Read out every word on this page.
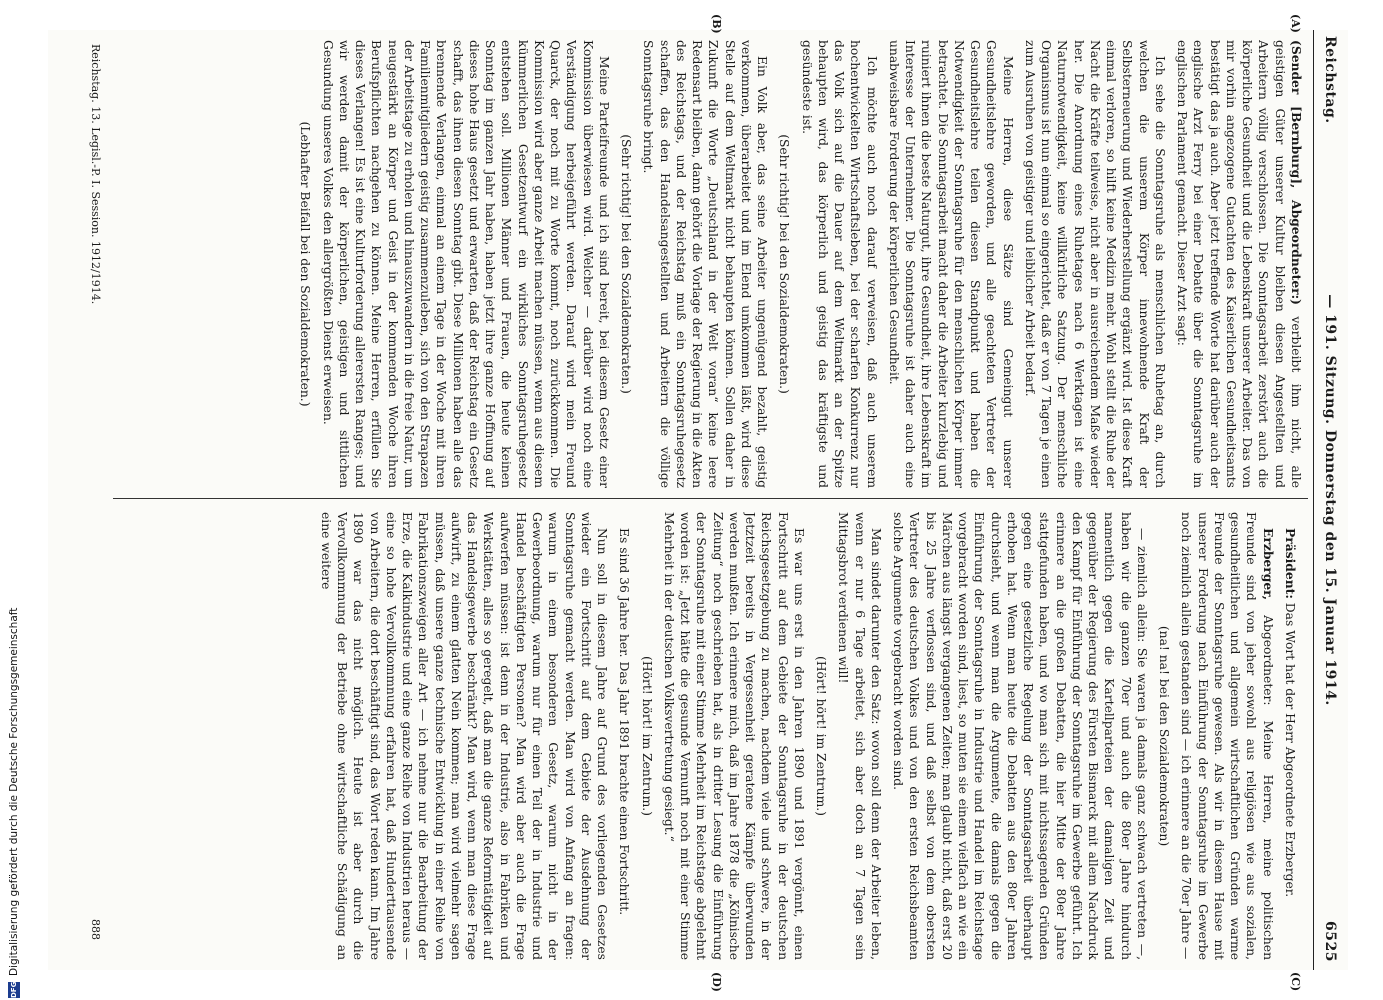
Reichstag.
— 191. Sitzung. Donnerstag den 15. Januar 1914.
6525
(A)
(B)
(C)
(D)

(Sender [Bernburg], Abgeordneter:) verbleibt ihm nicht, alle geistigen Güter unserer Kultur bleiben diesen Angestellten und Arbeitern völlig verschlossen. Die Sonntagsarbeit zerstört auch die körperliche Gesundheit und die Lebenskraft unserer Arbeiter. Das von mir vorhin angezogene Gutachten des Kaiserlichen Gesundheitsamts bestätigt das ja auch. Aber jetzt treffende Worte hat darüber auch der englische Arzt Ferry bei einer Debatte über die Sonntagsruhe im englischen Parlament gemacht. Dieser Arzt sagt:

Ich sehe die Sonntagsruhe als menschlichen Ruhetag an, durch welchen die unserem Körper innewohnende Kraft der Selbsterneuerung und Wiederherstellung ergänzt wird. Ist diese Kraft einmal verloren, so hilft keine Medizin mehr. Wohl stellt die Ruhe der Nacht die Kräfte teilweise, nicht aber in ausreichendem Maße wieder her. Die Anordnung eines Ruhetages nach 6 Werktagen ist eine Naturnotwendigkeit, keine willkürliche Satzung. Der menschliche Organismus ist nun einmal so eingerichtet, daß er von 7 Tagen je einen zum Ausruhen von geistiger und leiblicher Arbeit bedarf.

Meine Herren, diese Sätze sind Gemeingut unserer Gesundheitslehre geworden, und alle geachteten Vertreter der Gesundheitslehre teilen diesen Standpunkt und haben die Notwendigkeit der Sonntagsruhe für den menschlichen Körper immer betrachtet. Die Sonntagsarbeit macht daher die Arbeiter kurzlebig und ruiniert ihnen die beste Naturgut, ihre Gesundheit, ihre Lebenskraft im Interesse der Unternehmer. Die Sonntagsruhe ist daher auch eine unabweisbare Forderung der körperlichen Gesundheit.

Ich möchte auch noch darauf verweisen, daß auch unserem hochentwickelten Wirtschaftsleben, bei der scharfen Konkurrenz nur das Volk sich auf die Dauer auf dem Weltmarkt an der Spitze behaupten wird, das körperlich und geistig das kräftigste und gesündeste ist.

(Sehr richtig! bei den Sozialdemokraten.)

Ein Volk aber, das seine Arbeiter ungenügend bezahlt, geistig verkommen, überarbeitet und im Elend umkommen läßt, wird diese Stelle auf dem Weltmarkt nicht behaupten können. Sollen daher in Zukunft die Worte „Deutschland in der Welt voran“ keine leere Redensart bleiben, dann gehört die Vorlage der Regierung in die Akten des Reichstags, und der Reichstag muß ein Sonntagsruhegesetz schaffen, das den Handelsangestellten und Arbeitern die völlige Sonntagsruhe bringt.

(Sehr richtig! bei den Sozialdemokraten.)

Meine Parteifreunde und ich sind bereit, bei diesem Gesetz einer Kommission überwiesen wird. Welcher — darüber wird noch eine Verständigung herbeigeführt werden. Darauf wird mein Freund Quarck, der noch mit zu Worte kommt, noch zurückkommen. Die Kommission wird aber ganze Arbeit machen müssen, wenn aus diesem kümmerlichen Gesetzentwurf ein wirkliches Sonntagsruhegesetz entstehen soll. Millionen Männer und Frauen, die heute keinen Sonntag im ganzen Jahr haben, haben jetzt ihre ganze Hoffnung auf dieses hohe Haus gesetzt und erwarten, daß der Reichstag ein Gesetz schafft, das ihnen diesen Sonntag gibt. Diese Millionen haben alle das brennende Verlangen, einmal an einem Tage in der Woche mit ihren Familienmitgliedern geistig zusammenzuleben, sich von den Strapazen der Arbeitstage zu erholen und hinauszuwandern in die freie Natur, um neugestärkt an Körper und Geist in der kommenden Woche ihren Berufspflichten nachgehen zu können. Meine Herren, erfüllen Sie dieses Verlangen! Es ist eine Kulturforderung allerersten Ranges; und wir werden damit der körperlichen, geistigen und sittlichen Gesundung unseres Volkes den allergrößten Dienst erweisen.

(Lebhafter Beifall bei den Sozialdemokraten.)

Präsident: Das Wort hat der Herr Abgeordnete Erzberger.

Erzberger, Abgeordneter: Meine Herren, meine politischen Freunde sind von jeher sowohl aus religiösen wie aus sozialen, gesundheitlichen und allgemein wirtschaftlichen Gründen warme Freunde der Sonntagsruhe gewesen. Als wir in diesem Hause mit unserer Forderung nach Einführung der Sonntagsruhe im Gewerbe noch ziemlich allein gestanden sind — ich erinnere an die 70er Jahre —

(na! na! bei den Sozialdemokraten)

— ziemlich allein: Sie waren ja damals ganz schwach vertreten —, haben wir die ganzen 70er und auch die 80er Jahre hindurch namentlich gegen die Kartellparteien der damaligen Zeit und gegenüber der Regierung des Fürsten Bismarck mit allem Nachdruck den Kampf für Einführung der Sonntagsruhe im Gewerbe geführt. Ich erinnere an die großen Debatten, die hier Mitte der 80er Jahre stattgefunden haben, und wo man sich mit nichtssagenden Gründen gegen eine gesetzliche Regelung der Sonntagsarbeit überhaupt erhoben hat. Wenn man heute die Debatten aus den 80er Jahren durchsieht, und wenn man die Argumente, die damals gegen die Einführung der Sonntagsruhe in Industrie und Handel im Reichstage vorgebracht worden sind, liest, so muten sie einem vielfach an wie ein Märchen aus längst vergangenen Zeiten; man glaubt nicht, daß erst 20 bis 25 Jahre verflossen sind, und daß selbst von dem obersten Vertreter des deutschen Volkes und von den ersten Reichsbeamten solche Argumente vorgebracht worden sind.

Man sindet darunter den Satz: wovon soll denn der Arbeiter leben, wenn er nur 6 Tage arbeitet, sich aber doch an 7 Tagen sein Mittagsbrot verdienen will!

(Hört! hört! im Zentrum.)

Es war uns erst in den Jahren 1890 und 1891 vergönnt, einen Fortschritt auf dem Gebiete der Sonntagsruhe in der deutschen Reichsgesetzgebung zu machen, nachdem viele und schwere, in der Jetztzeit bereits in Vergessenheit geratene Kämpfe überwunden werden mußten. Ich erinnere mich, daß im Jahre 1878 die „Kölnische Zeitung“ noch geschrieben hat, als in dritter Lesung die Einführung der Sonntagsruhe mit einer Stimme Mehrheit im Reichstage abgelehnt worden ist: „Jetzt hätte die gesunde Vernunft noch mit einer Stimme Mehrheit in der deutschen Volksvertretung gesiegt.“

(Hört! hört! im Zentrum.)

Es sind 36 Jahre her. Das Jahr 1891 brachte einen Fortschritt.

Nun soll in diesem Jahre auf Grund des vorliegenden Gesetzes wieder ein Fortschritt auf dem Gebiete der Ausdehnung der Sonntagsruhe gemacht werden. Man wird von Anfang an fragen: warum in einem besonderen Gesetz, warum nicht in der Gewerbeordnung, warum nur für einen Teil der in Industrie und Handel beschäftigten Personen? Man wird aber auch die Frage aufwerfen müssen: ist denn in der Industrie, also in Fabriken und Werkstätten, alles so geregelt, daß man die ganze Reformtätigkeit auf das Handelsgewerbe beschränkt? Man wird, wenn man diese Frage aufwirft, zu einem glatten Nein kommen; man wird vielmehr sagen müssen, daß unsere ganze technische Entwicklung in einer Reihe von Fabrikationszweigen aller Art — ich nehme nur die Bearbeitung der Erze, die Kalkindustrie und eine ganze Reihe von Industrien heraus — eine so hohe Vervollkommnung erfahren hat, daß Hunderttausende von Arbeitern, die dort beschäftigt sind, das Wort reden kann. Im Jahre 1890 war das nicht möglich. Heute ist aber durch die Vervollkommnung der Betriebe ohne wirtschaftliche Schädigung an eine weitere

Reichstag. 13. Legisl.-P. I. Session. 1912/1914.
888
DFG
Digitalisierung gefördert durch die Deutsche Forschungsgemeinschaft
